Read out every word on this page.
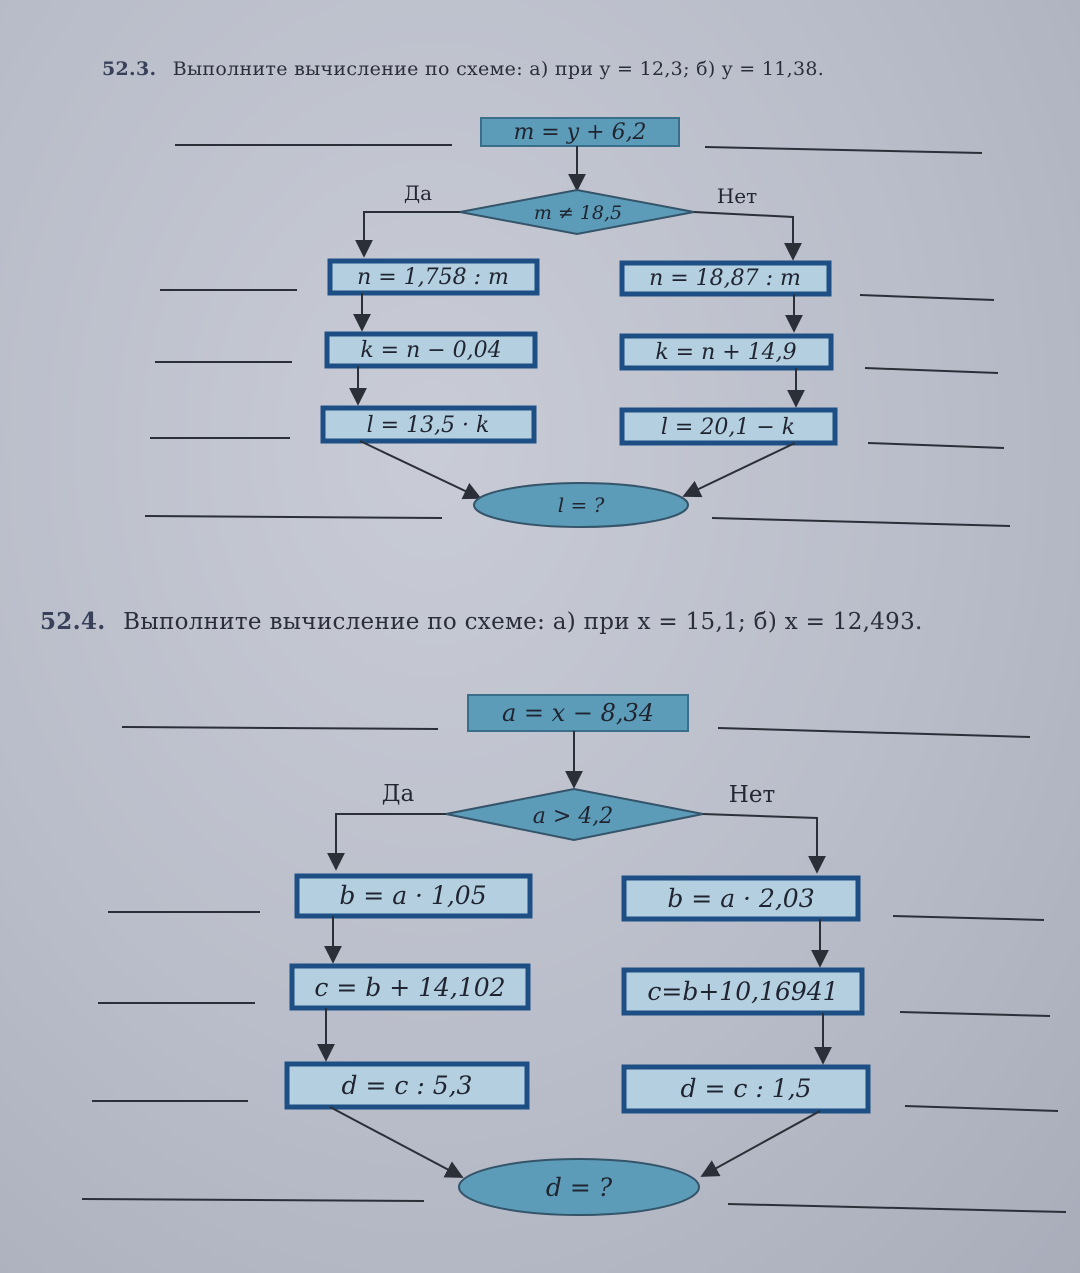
52.3. Выполните вычисление по схеме: а) при y = 12,3; б) y = 11,38.
52.4. Выполните вычисление по схеме: а) при x = 15,1; б) x = 12,493.
m = y + 6,2
m ≠ 18,5
Да	Нет
n = 1,758 : m
k = n − 0,04
l = 13,5 · k
n = 18,87 : m
k = n + 14,9
l = 20,1 − k
l = ?
a = x − 8,34
a > 4,2
Да	Нет
b = a · 1,05
c = b + 14,102
d = c : 5,3
b = a · 2,03
c=b+10,16941
d = c : 1,5
d = ?
